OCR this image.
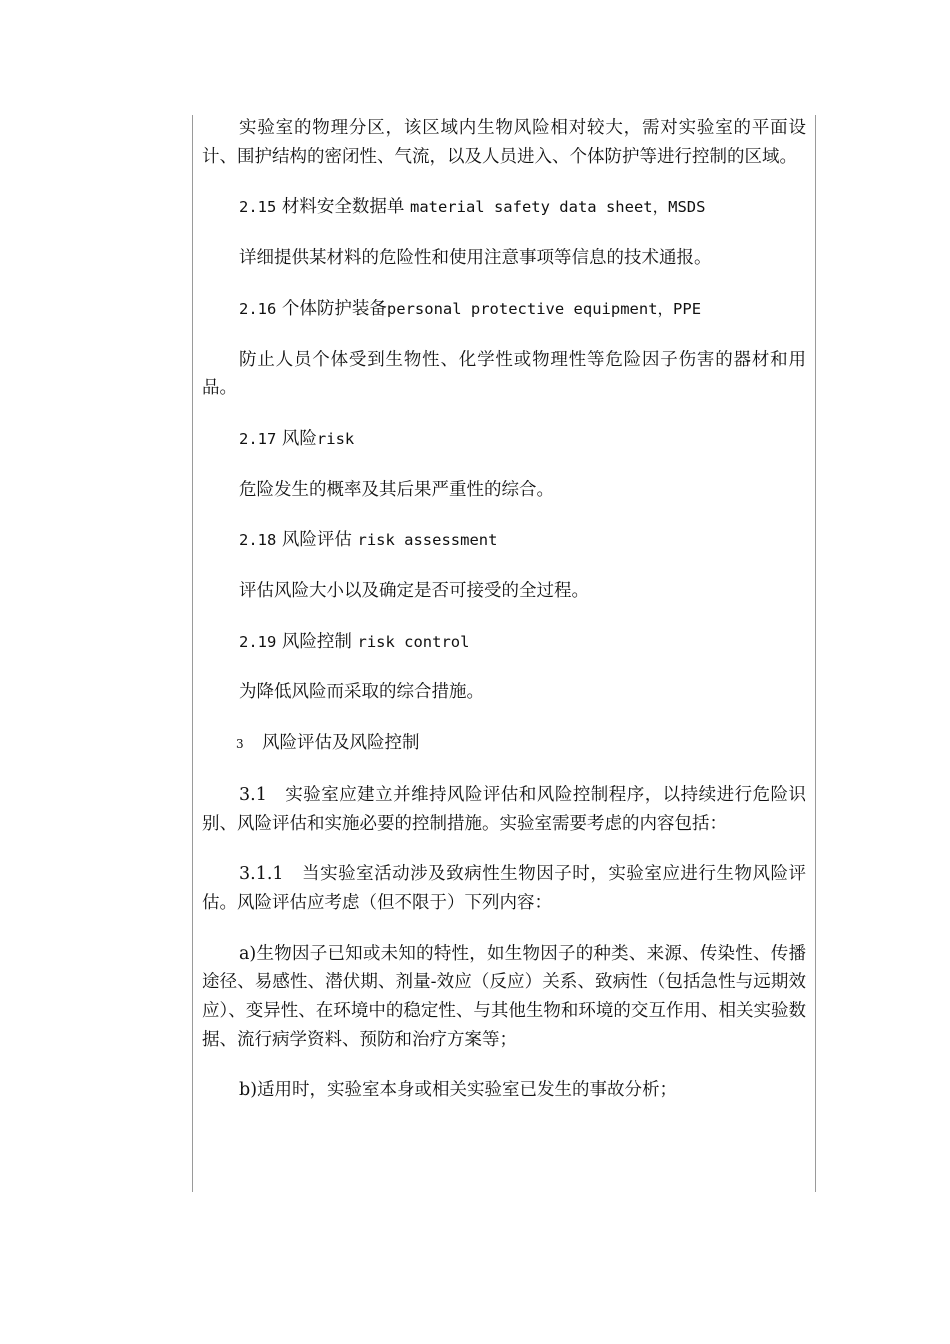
实验室的物理分区，该区域内生物风险相对较大，需对实验室的平面设计、围护结构的密闭性、气流，以及人员进入、个体防护等进行控制的区域。

2.15 材料安全数据单 material safety data sheet，MSDS

详细提供某材料的危险性和使用注意事项等信息的技术通报。

2.16 个体防护装备personal protective equipment，PPE

防止人员个体受到生物性、化学性或物理性等危险因子伤害的器材和用品。

2.17 风险risk

危险发生的概率及其后果严重性的综合。

2.18 风险评估 risk assessment

评估风险大小以及确定是否可接受的全过程。

2.19 风险控制 risk control

为降低风险而采取的综合措施。

3 风险评估及风险控制

3.1　实验室应建立并维持风险评估和风险控制程序，以持续进行危险识别、风险评估和实施必要的控制措施。实验室需要考虑的内容包括：

3.1.1　当实验室活动涉及致病性生物因子时，实验室应进行生物风险评估。风险评估应考虑（但不限于）下列内容：

a)生物因子已知或未知的特性，如生物因子的种类、来源、传染性、传播途径、易感性、潜伏期、剂量-效应（反应）关系、致病性（包括急性与远期效应）、变异性、在环境中的稳定性、与其他生物和环境的交互作用、相关实验数据、流行病学资料、预防和治疗方案等；

b)适用时，实验室本身或相关实验室已发生的事故分析；
